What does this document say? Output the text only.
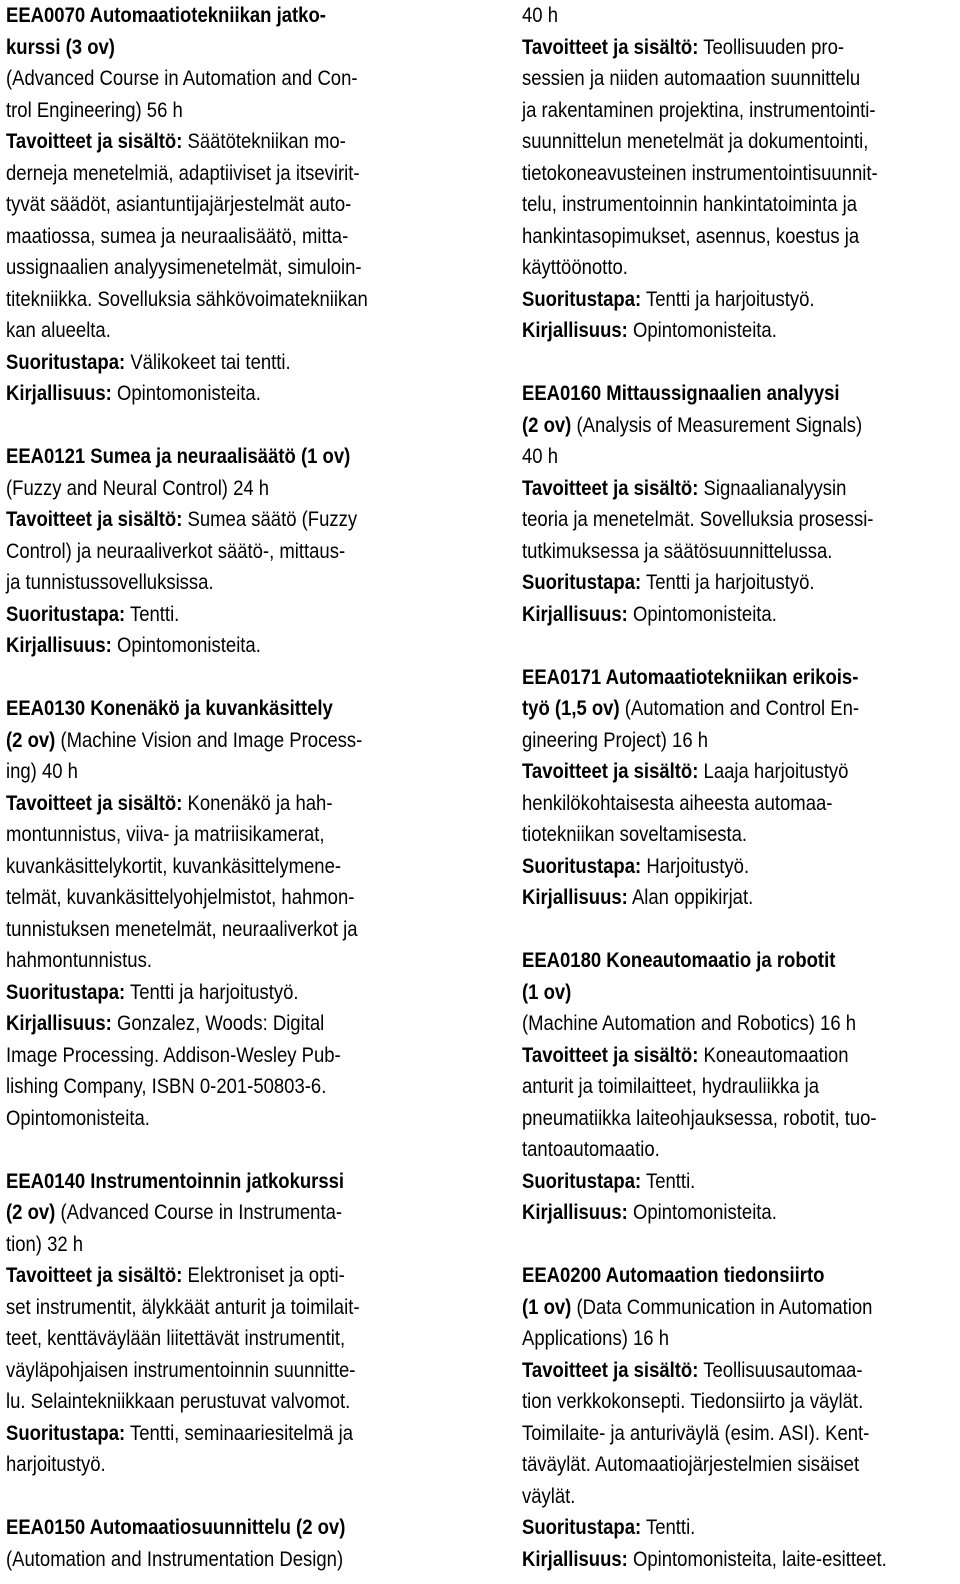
EEA0070 Automaatiotekniikan jatko-
kurssi (3 ov)
(Advanced Course in Automation and Con-
trol Engineering) 56 h
Tavoitteet ja sisältö: Säätötekniikan mo-
derneja menetelmiä, adaptiiviset ja itsevirit-
tyvät säädöt, asiantuntijajärjestelmät auto-
maatiossa, sumea ja neuraalisäätö, mitta-
ussignaalien analyysimenetelmät, simuloin-
titekniikka. Sovelluksia sähkövoimatekniikan
kan alueelta.
Suoritustapa: Välikokeet tai tentti.
Kirjallisuus: Opintomonisteita.
EEA0121 Sumea ja neuraalisäätö (1 ov)
(Fuzzy and Neural Control) 24 h
Tavoitteet ja sisältö: Sumea säätö (Fuzzy
Control) ja neuraaliverkot säätö-, mittaus-
ja tunnistussovelluksissa.
Suoritustapa: Tentti.
Kirjallisuus: Opintomonisteita.
EEA0130 Konenäkö ja kuvankäsittely
(2 ov) (Machine Vision and Image Process-
ing) 40 h
Tavoitteet ja sisältö: Konenäkö ja hah-
montunnistus, viiva- ja matriisikamerat,
kuvankäsittelykortit, kuvankäsittelymene-
telmät, kuvankäsittelyohjelmistot, hahmon-
tunnistuksen menetelmät, neuraaliverkot ja
hahmontunnistus.
Suoritustapa: Tentti ja harjoitustyö.
Kirjallisuus: Gonzalez, Woods: Digital
Image Processing. Addison-Wesley Pub-
lishing Company, ISBN 0-201-50803-6.
Opintomonisteita.
EEA0140 Instrumentoinnin jatkokurssi
(2 ov) (Advanced Course in Instrumenta-
tion) 32 h
Tavoitteet ja sisältö: Elektroniset ja opti-
set instrumentit, älykkäät anturit ja toimilait-
teet, kenttäväylään liitettävät instrumentit,
väyläpohjaisen instrumentoinnin suunnitte-
lu. Selaintekniikkaan perustuvat valvomot.
Suoritustapa: Tentti, seminaariesitelmä ja
harjoitustyö.
EEA0150 Automaatiosuunnittelu (2 ov)
(Automation and Instrumentation Design)
40 h
Tavoitteet ja sisältö: Teollisuuden pro-
sessien ja niiden automaation suunnittelu
ja rakentaminen projektina, instrumentointi-
suunnittelun menetelmät ja dokumentointi,
tietokoneavusteinen instrumentointisuunnit-
telu, instrumentoinnin hankintatoiminta ja
hankintasopimukset, asennus, koestus ja
käyttöönotto.
Suoritustapa: Tentti ja harjoitustyö.
Kirjallisuus: Opintomonisteita.
EEA0160 Mittaussignaalien analyysi
(2 ov) (Analysis of Measurement Signals)
40 h
Tavoitteet ja sisältö: Signaalianalyysin
teoria ja menetelmät. Sovelluksia prosessi-
tutkimuksessa ja säätösuunnittelussa.
Suoritustapa: Tentti ja harjoitustyö.
Kirjallisuus: Opintomonisteita.
EEA0171 Automaatiotekniikan erikois-
työ (1,5 ov) (Automation and Control En-
gineering Project) 16 h
Tavoitteet ja sisältö: Laaja harjoitustyö
henkilökohtaisesta aiheesta automaa-
tiotekniikan soveltamisesta.
Suoritustapa: Harjoitustyö.
Kirjallisuus: Alan oppikirjat.
EEA0180 Koneautomaatio ja robotit
(1 ov)
(Machine Automation and Robotics) 16 h
Tavoitteet ja sisältö: Koneautomaation
anturit ja toimilaitteet, hydrauliikka ja
pneumatiikka laiteohjauksessa, robotit, tuo-
tantoautomaatio.
Suoritustapa: Tentti.
Kirjallisuus: Opintomonisteita.
EEA0200 Automaation tiedonsiirto
(1 ov) (Data Communication in Automation
Applications) 16 h
Tavoitteet ja sisältö: Teollisuusautomaa-
tion verkkokonsepti. Tiedonsiirto ja väylät.
Toimilaite- ja anturiväylä (esim. ASI). Kent-
täväylät. Automaatiojärjestelmien sisäiset
väylät.
Suoritustapa: Tentti.
Kirjallisuus: Opintomonisteita, laite-esitteet.
